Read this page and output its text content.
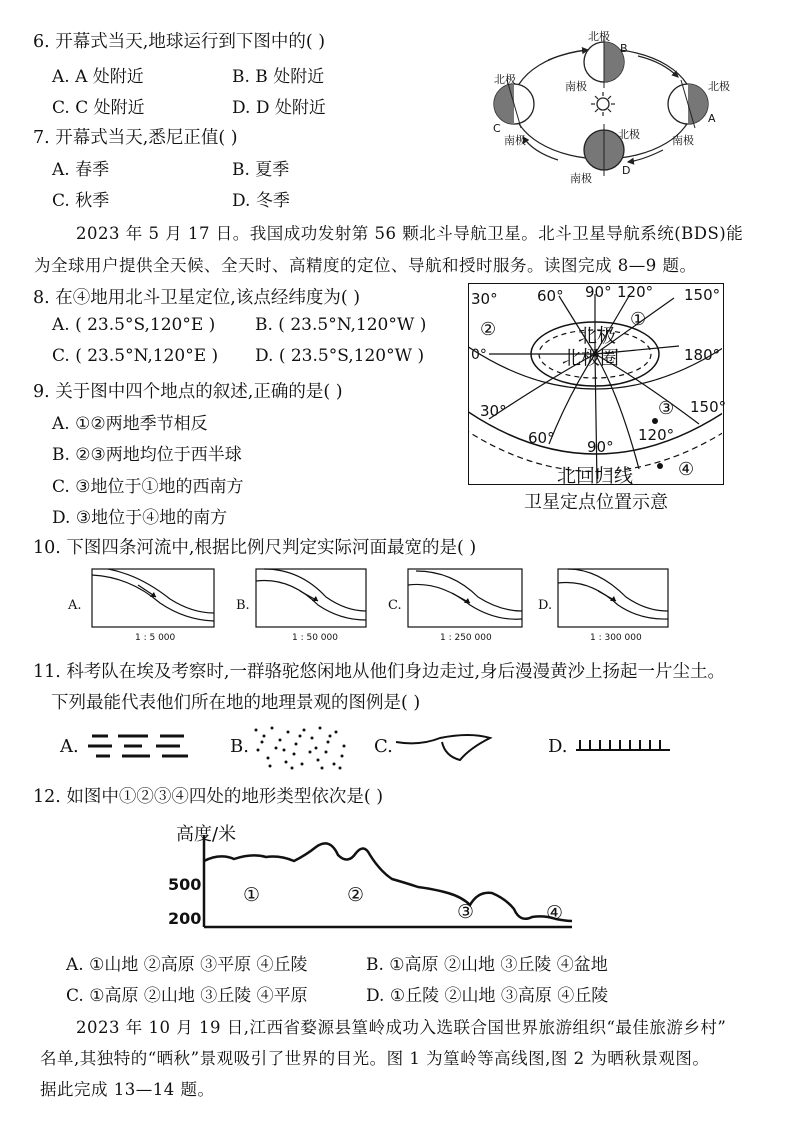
6. 开幕式当天,地球运行到下图中的( )
A. A 处附近	B. B 处附近
C. C 处附近	D. D 处附近
北极
B
南极
北极
C
南极
北极
A
南极
北极
D
南极
7. 开幕式当天,悉尼正值( )
A. 春季	B. 夏季
C. 秋季	D. 冬季
2023 年 5 月 17 日。我国成功发射第 56 颗北斗导航卫星。北斗卫星导航系统(BDS)能
为全球用户提供全天候、全天时、高精度的定位、导航和授时服务。读图完成 8—9 题。
8. 在④地用北斗卫星定位,该点经纬度为( )
A. ( 23.5°S,120°E ) B. ( 23.5°N,120°W )
C. ( 23.5°N,120°E ) D. ( 23.5°S,120°W )
9. 关于图中四个地点的叙述,正确的是( )
A. ①②两地季节相反
B. ②③两地均位于西半球
C. ③地位于①地的西南方
D. ③地位于④地的南方
30°	60° 90° 120° 150°
0°	180°
北极
北极圈
①
②
③
④
30°
60° 90°
120°
150°
北回归线
卫星定点位置示意
10. 下图四条河流中,根据比例尺判定实际河面最宽的是( )
A.	B.	C.	D.
1 : 5 000	1 : 50 000	1 : 250 000	1 : 300 000
11. 科考队在埃及考察时,一群骆驼悠闲地从他们身边走过,身后漫漫黄沙上扬起一片尘土。
下列最能代表他们所在地的地理景观的图例是( )
A.	B.	C.	D.
12. 如图中①②③④四处的地形类型依次是( )
高度/米
500
200
①	②
③	④
A. ①山地 ②高原 ③平原 ④丘陵	B. ①高原 ②山地 ③丘陵 ④盆地
C. ①高原 ②山地 ③丘陵 ④平原	D. ①丘陵 ②山地 ③高原 ④丘陵
2023 年 10 月 19 日,江西省婺源县篁岭成功入选联合国世界旅游组织“最佳旅游乡村”
名单,其独特的“晒秋”景观吸引了世界的目光。图 1 为篁岭等高线图,图 2 为晒秋景观图。
据此完成 13—14 题。
